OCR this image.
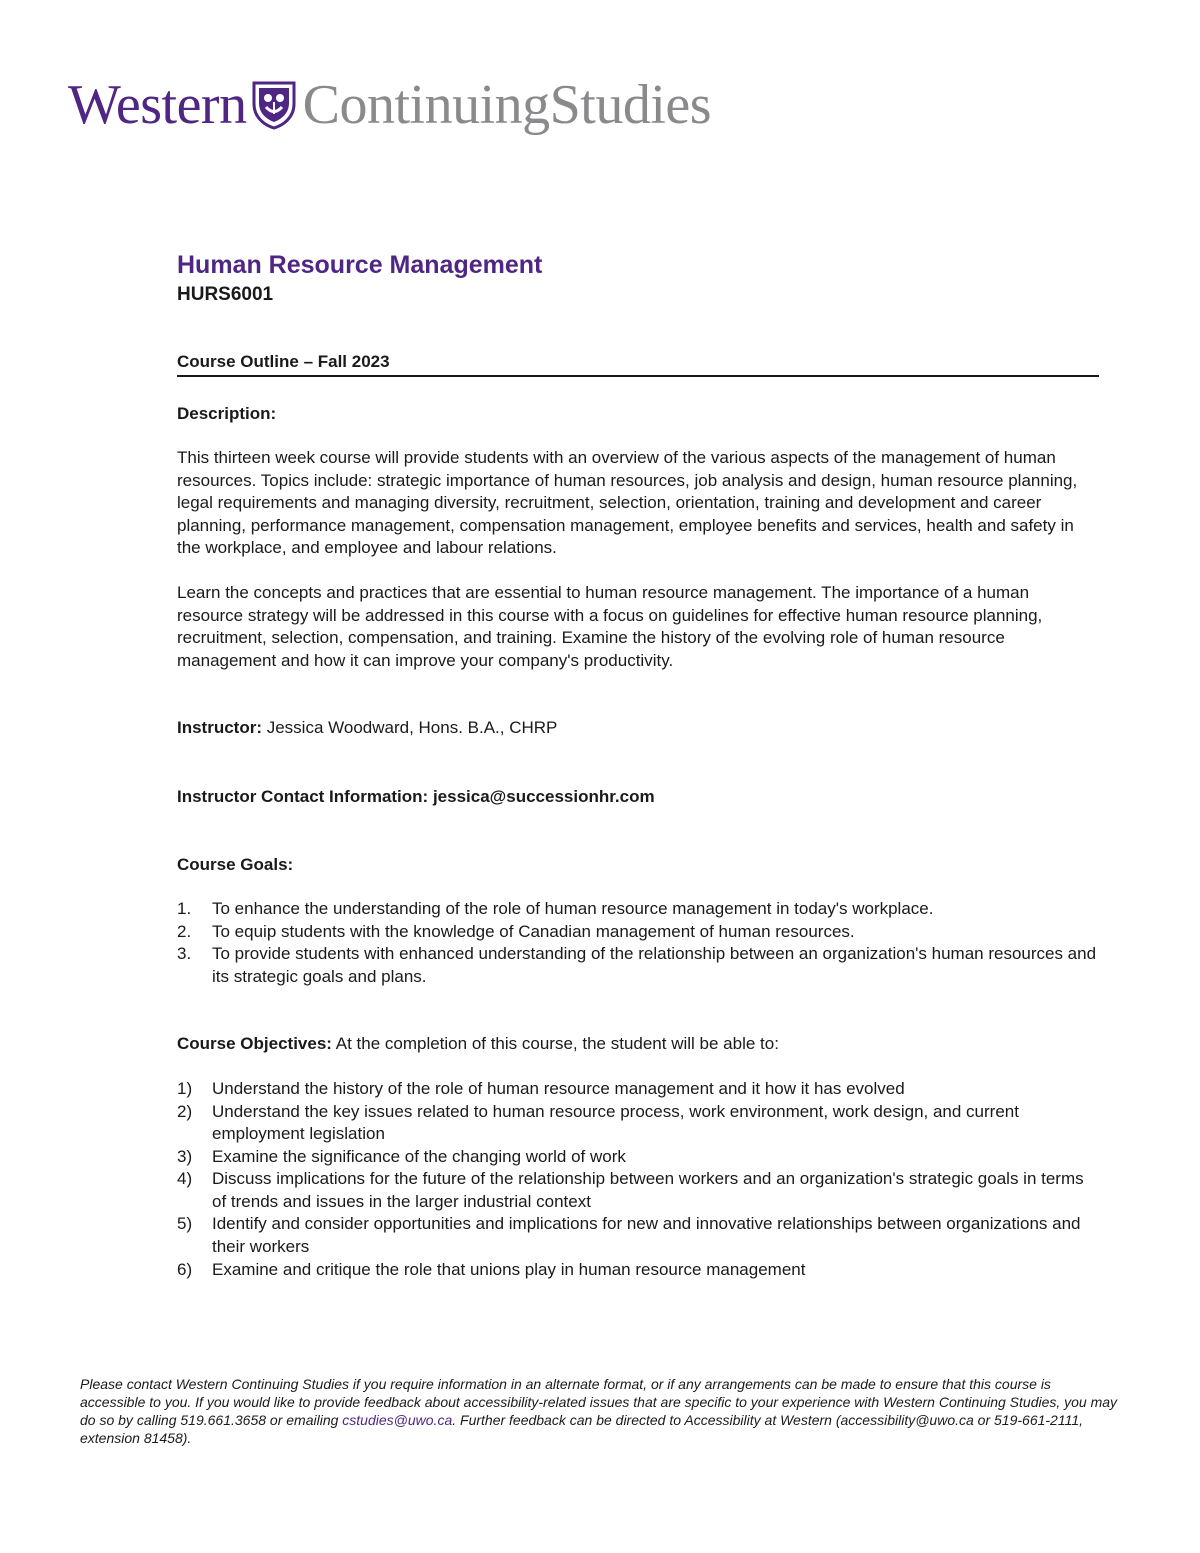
Western ContinuingStudies
Human Resource Management
HURS6001
Course Outline – Fall 2023
Description:

This thirteen week course will provide students with an overview of the various aspects of the management of human resources. Topics include: strategic importance of human resources, job analysis and design, human resource planning, legal requirements and managing diversity, recruitment, selection, orientation, training and development and career planning, performance management, compensation management, employee benefits and services, health and safety in the workplace, and employee and labour relations.

Learn the concepts and practices that are essential to human resource management. The importance of a human resource strategy will be addressed in this course with a focus on guidelines for effective human resource planning, recruitment, selection, compensation, and training. Examine the history of the evolving role of human resource management and how it can improve your company's productivity.

Instructor: Jessica Woodward, Hons. B.A., CHRP

Instructor Contact Information: jessica@successionhr.com

Course Goals:
1. To enhance the understanding of the role of human resource management in today's workplace.
2. To equip students with the knowledge of Canadian management of human resources.
3. To provide students with enhanced understanding of the relationship between an organization's human resources and its strategic goals and plans.

Course Objectives: At the completion of this course, the student will be able to:

1) Understand the history of the role of human resource management and it how it has evolved
2) Understand the key issues related to human resource process, work environment, work design, and current employment legislation
3) Examine the significance of the changing world of work
4) Discuss implications for the future of the relationship between workers and an organization's strategic goals in terms of trends and issues in the larger industrial context
5) Identify and consider opportunities and implications for new and innovative relationships between organizations and their workers
6) Examine and critique the role that unions play in human resource management
Please contact Western Continuing Studies if you require information in an alternate format, or if any arrangements can be made to ensure that this course is accessible to you. If you would like to provide feedback about accessibility-related issues that are specific to your experience with Western Continuing Studies, you may do so by calling 519.661.3658 or emailing cstudies@uwo.ca. Further feedback can be directed to Accessibility at Western (accessibility@uwo.ca or 519-661-2111, extension 81458).
